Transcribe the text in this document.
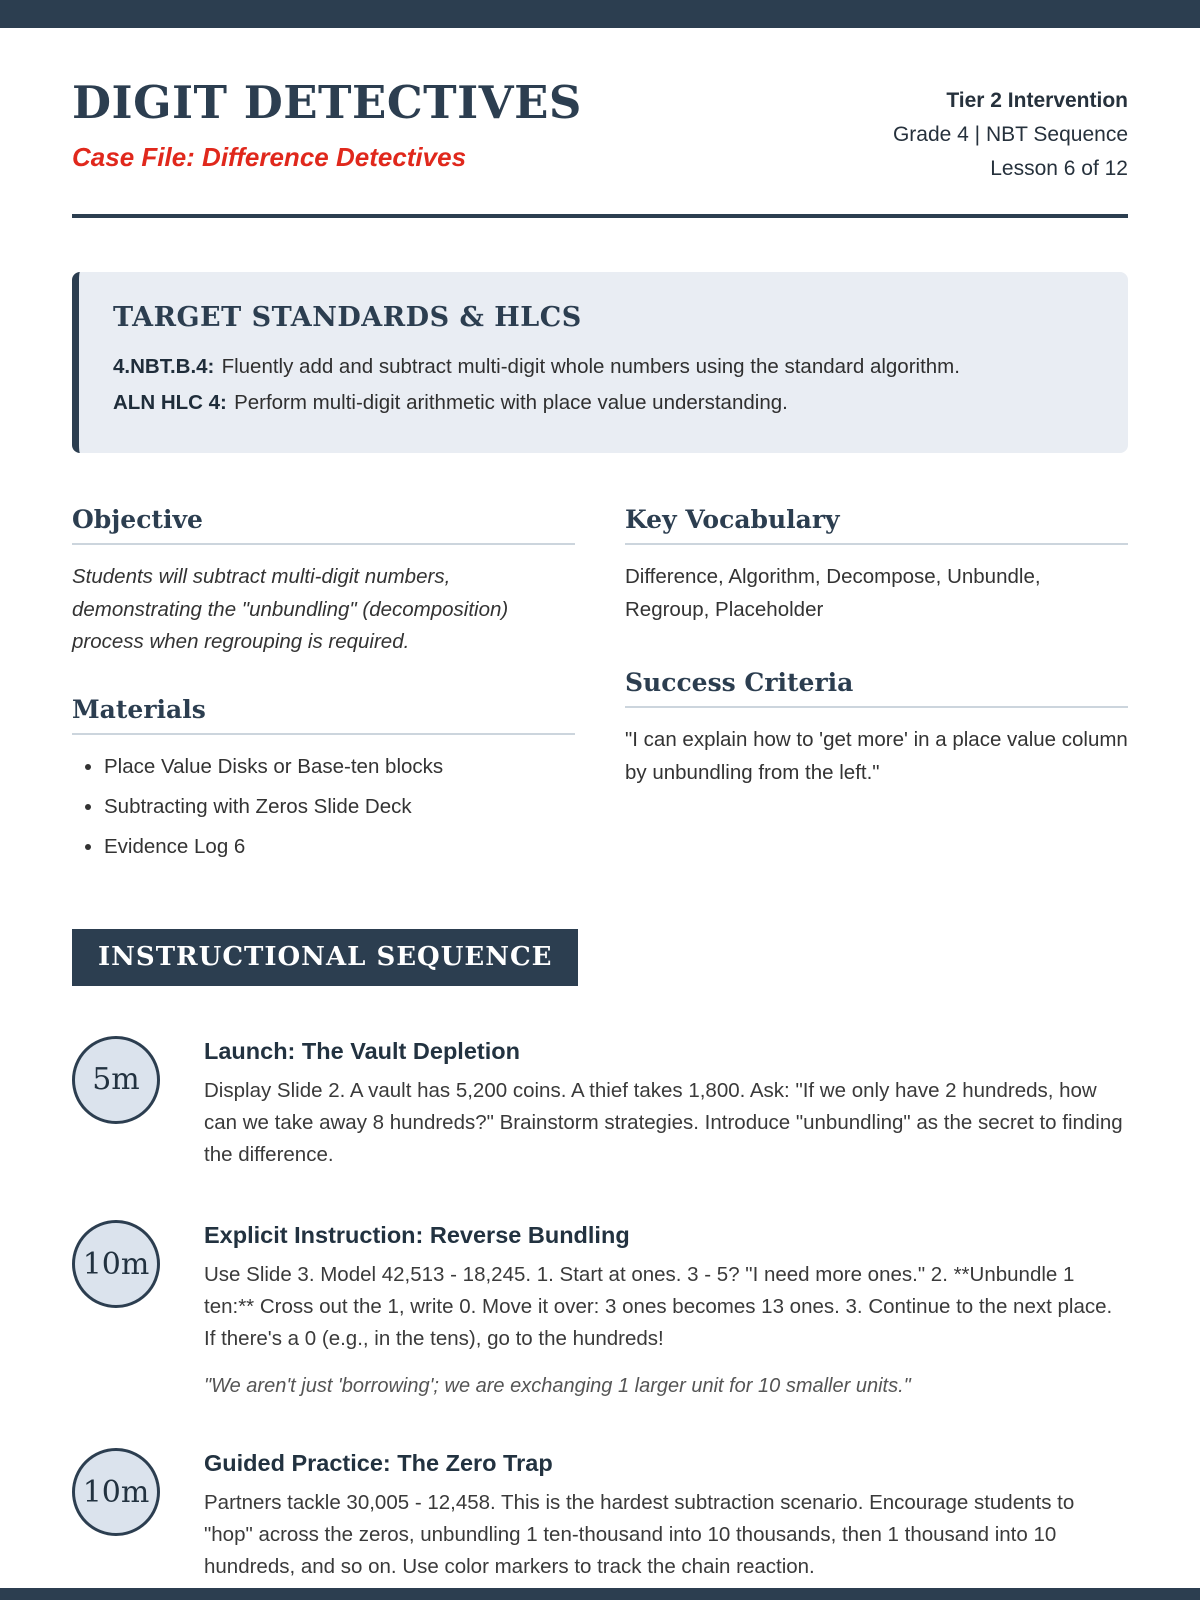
DIGIT DETECTIVES
Case File: Difference Detectives
Tier 2 Intervention
Grade 4 | NBT Sequence
Lesson 6 of 12
TARGET STANDARDS & HLCS

4.NBT.B.4: Fluently add and subtract multi-digit whole numbers using the standard algorithm.

ALN HLC 4: Perform multi-digit arithmetic with place value understanding.

Objective

Students will subtract multi-digit numbers, demonstrating the "unbundling" (decomposition) process when regrouping is required.

Materials
• Place Value Disks or Base-ten blocks
• Subtracting with Zeros Slide Deck
• Evidence Log 6
Key Vocabulary

Difference, Algorithm, Decompose, Unbundle, Regroup, Placeholder

Success Criteria

"I can explain how to 'get more' in a place value column by unbundling from the left."

INSTRUCTIONAL SEQUENCE
5m
Launch: The Vault Depletion

Display Slide 2. A vault has 5,200 coins. A thief takes 1,800. Ask: "If we only have 2 hundreds, how can we take away 8 hundreds?" Brainstorm strategies. Introduce "unbundling" as the secret to finding the difference.

10m
Explicit Instruction: Reverse Bundling

Use Slide 3. Model 42,513 - 18,245. 1. Start at ones. 3 - 5? "I need more ones." 2. **Unbundle 1 ten:** Cross out the 1, write 0. Move it over: 3 ones becomes 13 ones. 3. Continue to the next place. If there's a 0 (e.g., in the tens), go to the hundreds!

"We aren't just 'borrowing'; we are exchanging 1 larger unit for 10 smaller units."

10m
Guided Practice: The Zero Trap

Partners tackle 30,005 - 12,458. This is the hardest subtraction scenario. Encourage students to "hop" across the zeros, unbundling 1 ten-thousand into 10 thousands, then 1 thousand into 10 hundreds, and so on. Use color markers to track the chain reaction.
